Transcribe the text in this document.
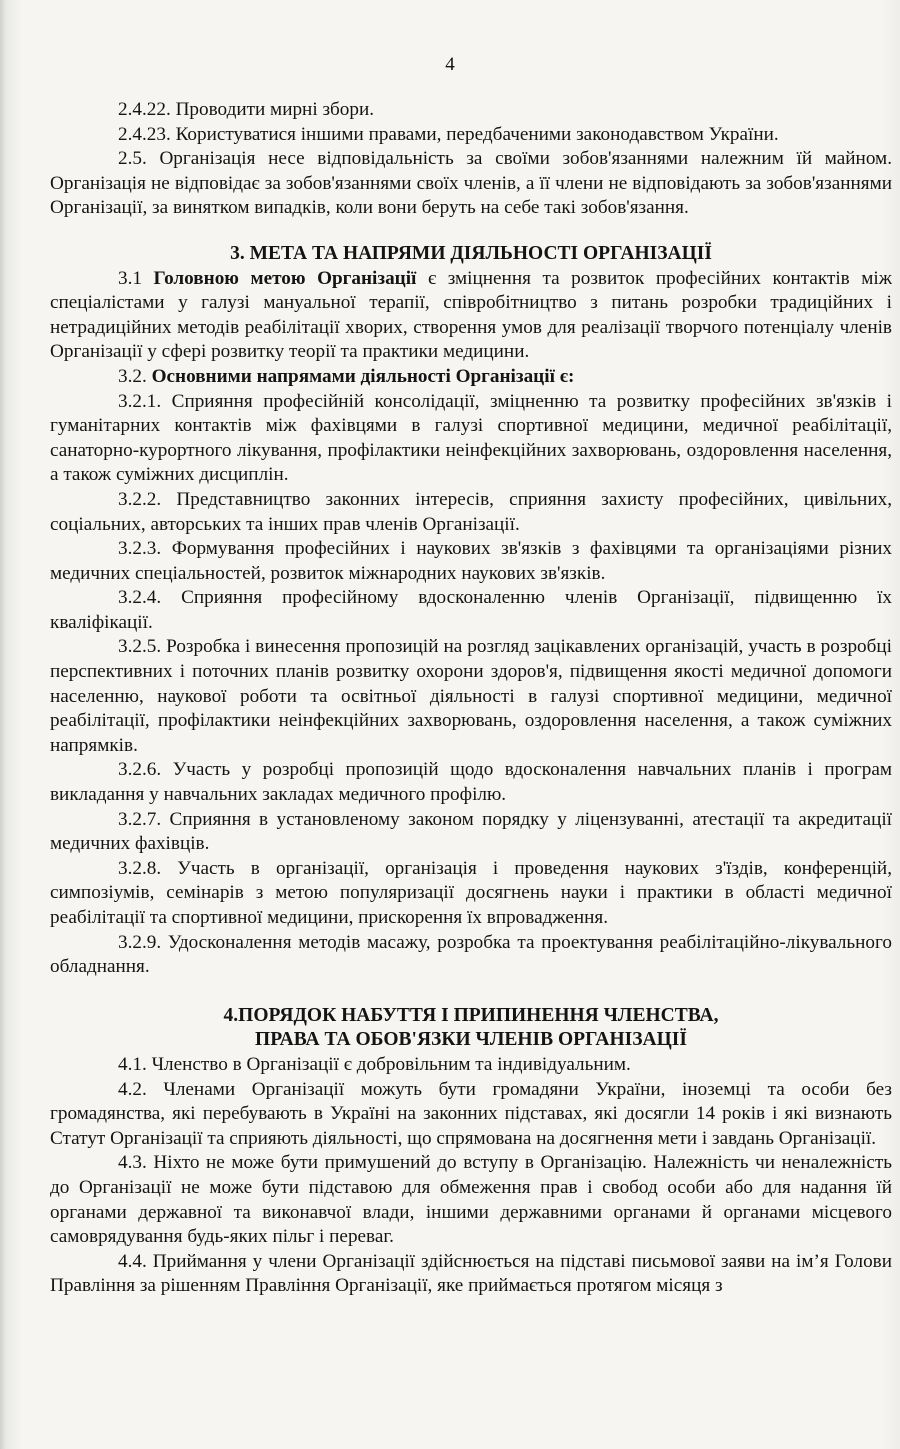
4

2.4.22. Проводити мирні збори.

2.4.23. Користуватися іншими правами, передбаченими законодавством України.

2.5. Організація несе відповідальність за своїми зобов'язаннями належним їй майном. Організація не відповідає за зобов'язаннями своїх членів, а її члени не відповідають за зобов'язаннями Організації, за винятком випадків, коли вони беруть на себе такі зобов'язання.

3. МЕТА ТА НАПРЯМИ ДІЯЛЬНОСТІ ОРГАНІЗАЦІЇ

3.1 Головною метою Організації є зміцнення та розвиток професійних контактів між спеціалістами у галузі мануальної терапії, співробітництво з питань розробки традиційних і нетрадиційних методів реабілітації хворих, створення умов для реалізації творчого потенціалу членів Організації у сфері розвитку теорії та практики медицини.

3.2. Основними напрямами діяльності Організації є:

3.2.1. Сприяння професійній консолідації, зміцненню та розвитку професійних зв'язків і гуманітарних контактів між фахівцями в галузі спортивної медицини, медичної реабілітації, санаторно-курортного лікування, профілактики неінфекційних захворювань, оздоровлення населення, а також суміжних дисциплін.

3.2.2. Представництво законних інтересів, сприяння захисту професійних, цивільних, соціальних, авторських та інших прав членів Організації.

3.2.3. Формування професійних і наукових зв'язків з фахівцями та організаціями різних медичних спеціальностей, розвиток міжнародних наукових зв'язків.

3.2.4. Сприяння професійному вдосконаленню членів Організації, підвищенню їх кваліфікації.

3.2.5. Розробка і винесення пропозицій на розгляд зацікавлених організацій, участь в розробці перспективних і поточних планів розвитку охорони здоров'я, підвищення якості медичної допомоги населенню, наукової роботи та освітньої діяльності в галузі спортивної медицини, медичної реабілітації, профілактики неінфекційних захворювань, оздоровлення населення, а також суміжних напрямків.

3.2.6. Участь у розробці пропозицій щодо вдосконалення навчальних планів і програм викладання у навчальних закладах медичного профілю.

3.2.7. Сприяння в установленому законом порядку у ліцензуванні, атестації та акредитації медичних фахівців.

3.2.8. Участь в організації, організація і проведення наукових з'їздів, конференцій, симпозіумів, семінарів з метою популяризації досягнень науки і практики в області медичної реабілітації та спортивної медицини, прискорення їх впровадження.

3.2.9. Удосконалення методів масажу, розробка та проектування реабілітаційно-лікувального обладнання.

4.ПОРЯДОК НАБУТТЯ І ПРИПИНЕННЯ ЧЛЕНСТВА,
ПРАВА ТА ОБОВ'ЯЗКИ ЧЛЕНІВ ОРГАНІЗАЦІЇ

4.1. Членство в Організації є добровільним та індивідуальним.

4.2. Членами Організації можуть бути громадяни України, іноземці та особи без громадянства, які перебувають в Україні на законних підставах, які досягли 14 років і які визнають Статут Організації та сприяють діяльності, що спрямована на досягнення мети і завдань Організації.

4.3. Ніхто не може бути примушений до вступу в Організацію. Належність чи неналежність до Організації не може бути підставою для обмеження прав і свобод особи або для надання їй органами державної та виконавчої влади, іншими державними органами й органами місцевого самоврядування будь-яких пільг і переваг.

4.4. Приймання у члени Організації здійснюється на підставі письмової заяви на ім’я Голови Правління за рішенням Правління Організації, яке приймається протягом місяця з
